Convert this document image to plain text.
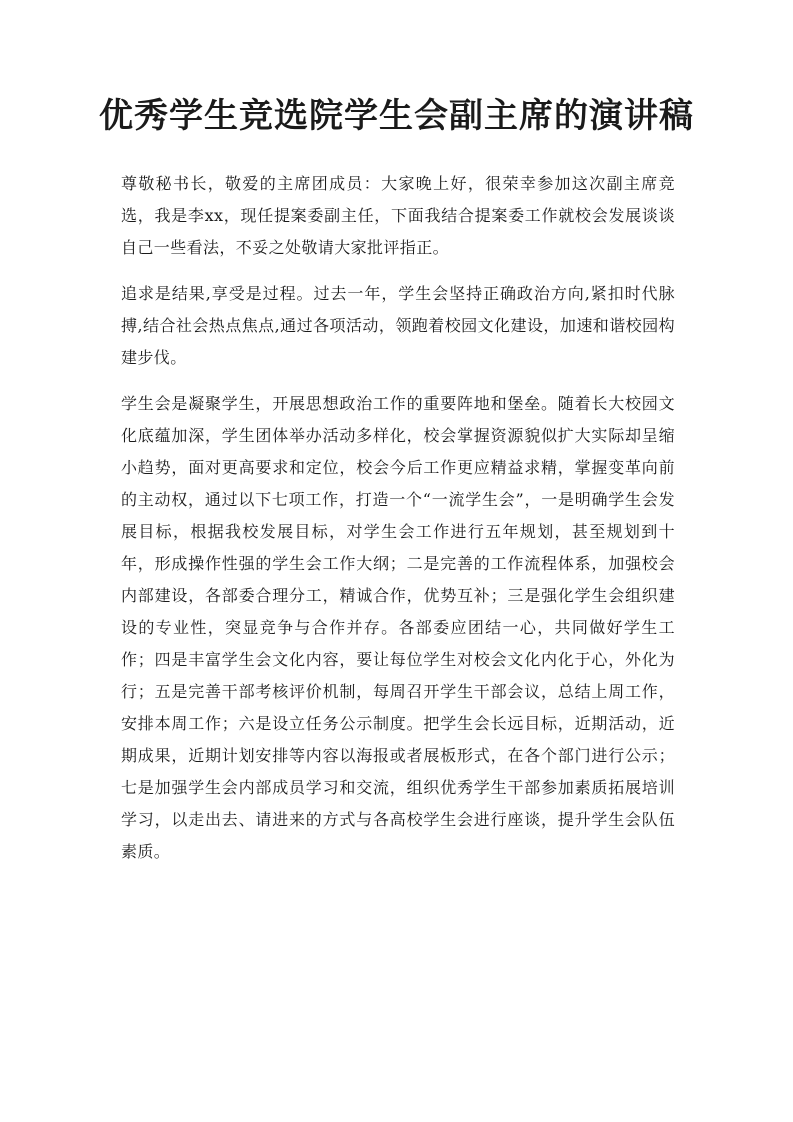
优秀学生竞选院学生会副主席的演讲稿

尊敬秘书长，敬爱的主席团成员：大家晚上好，很荣幸参加这次副主席竞选，我是李xx，现任提案委副主任，下面我结合提案委工作就校会发展谈谈自己一些看法，不妥之处敬请大家批评指正。

追求是结果,享受是过程。过去一年，学生会坚持正确政治方向,紧扣时代脉搏,结合社会热点焦点,通过各项活动，领跑着校园文化建设，加速和谐校园构建步伐。

学生会是凝聚学生，开展思想政治工作的重要阵地和堡垒。随着长大校园文化底蕴加深，学生团体举办活动多样化，校会掌握资源貌似扩大实际却呈缩小趋势，面对更高要求和定位，校会今后工作更应精益求精，掌握变革向前的主动权，通过以下七项工作，打造一个“一流学生会”，一是明确学生会发展目标，根据我校发展目标，对学生会工作进行五年规划，甚至规划到十年，形成操作性强的学生会工作大纲；二是完善的工作流程体系，加强校会内部建设，各部委合理分工，精诚合作，优势互补；三是强化学生会组织建设的专业性，突显竞争与合作并存。各部委应团结一心，共同做好学生工作；四是丰富学生会文化内容，要让每位学生对校会文化内化于心，外化为行；五是完善干部考核评价机制，每周召开学生干部会议，总结上周工作，安排本周工作；六是设立任务公示制度。把学生会长远目标，近期活动，近期成果，近期计划安排等内容以海报或者展板形式，在各个部门进行公示；七是加强学生会内部成员学习和交流，组织优秀学生干部参加素质拓展培训学习，以走出去、请进来的方式与各高校学生会进行座谈，提升学生会队伍素质。
